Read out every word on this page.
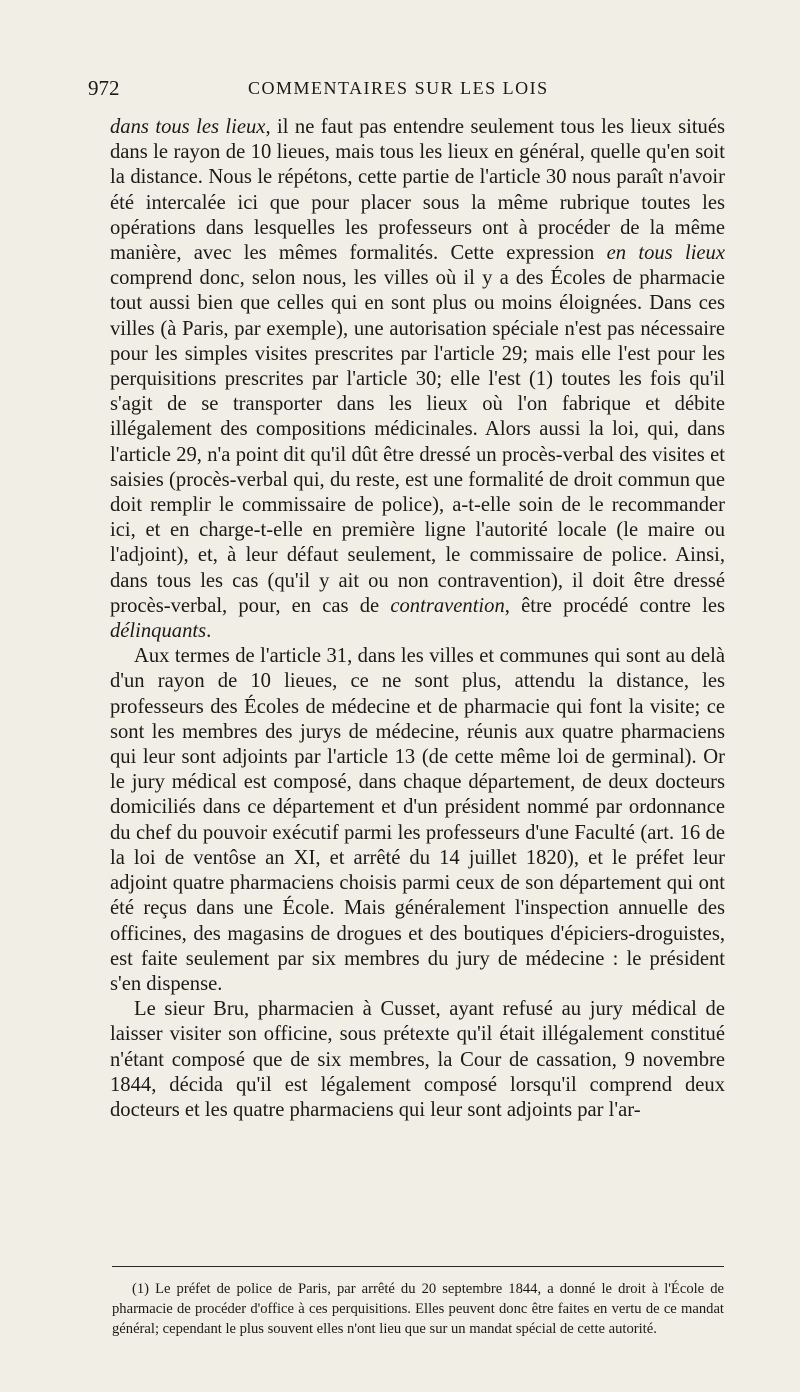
972	COMMENTAIRES SUR LES LOIS

dans tous les lieux, il ne faut pas entendre seulement tous les lieux situés dans le rayon de 10 lieues, mais tous les lieux en général, quelle qu'en soit la distance. Nous le répétons, cette partie de l'article 30 nous paraît n'avoir été intercalée ici que pour placer sous la même rubrique toutes les opérations dans lesquelles les professeurs ont à procéder de la même manière, avec les mêmes formalités. Cette expression en tous lieux comprend donc, selon nous, les villes où il y a des Écoles de pharmacie tout aussi bien que celles qui en sont plus ou moins éloignées. Dans ces villes (à Paris, par exemple), une autorisation spéciale n'est pas nécessaire pour les simples visites prescrites par l'article 29; mais elle l'est pour les perquisitions prescrites par l'article 30; elle l'est (1) toutes les fois qu'il s'agit de se transporter dans les lieux où l'on fabrique et débite illégalement des compositions médicinales. Alors aussi la loi, qui, dans l'article 29, n'a point dit qu'il dût être dressé un procès-verbal des visites et saisies (procès-verbal qui, du reste, est une formalité de droit commun que doit remplir le commissaire de police), a-t-elle soin de le recommander ici, et en charge-t-elle en première ligne l'autorité locale (le maire ou l'adjoint), et, à leur défaut seulement, le commissaire de police. Ainsi, dans tous les cas (qu'il y ait ou non contravention), il doit être dressé procès-verbal, pour, en cas de contravention, être procédé contre les délinquants.

Aux termes de l'article 31, dans les villes et communes qui sont au delà d'un rayon de 10 lieues, ce ne sont plus, attendu la distance, les professeurs des Écoles de médecine et de pharmacie qui font la visite; ce sont les membres des jurys de médecine, réunis aux quatre pharmaciens qui leur sont adjoints par l'article 13 (de cette même loi de germinal). Or le jury médical est composé, dans chaque département, de deux docteurs domiciliés dans ce département et d'un président nommé par ordonnance du chef du pouvoir exécutif parmi les professeurs d'une Faculté (art. 16 de la loi de ventôse an XI, et arrêté du 14 juillet 1820), et le préfet leur adjoint quatre pharmaciens choisis parmi ceux de son département qui ont été reçus dans une École. Mais généralement l'inspection annuelle des officines, des magasins de drogues et des boutiques d'épiciers-droguistes, est faite seulement par six membres du jury de médecine : le président s'en dispense.

Le sieur Bru, pharmacien à Cusset, ayant refusé au jury médical de laisser visiter son officine, sous prétexte qu'il était illégalement constitué n'étant composé que de six membres, la Cour de cassation, 9 novembre 1844, décida qu'il est légalement composé lorsqu'il comprend deux docteurs et les quatre pharmaciens qui leur sont adjoints par l'ar-

(1) Le préfet de police de Paris, par arrêté du 20 septembre 1844, a donné le droit à l'École de pharmacie de procéder d'office à ces perquisitions. Elles peuvent donc être faites en vertu de ce mandat général; cependant le plus souvent elles n'ont lieu que sur un mandat spécial de cette autorité.
